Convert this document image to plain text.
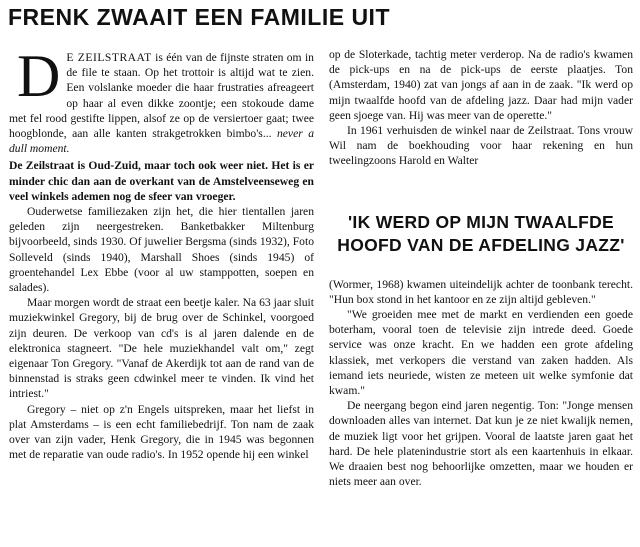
FRENK ZWAAIT EEN FAMILIE UIT

D E ZEILSTRAAT is één van de fijnste straten om in de file te staan. Op het trottoir is altijd wat te zien. Een volslanke moeder die haar frustraties afreageert op haar al even dikke zoontje; een stokoude dame met fel rood gestifte lippen, alsof ze op de versiertoer gaat; twee hoogblonde, aan alle kanten strakgetrokken bimbo's... never a dull moment.

De Zeilstraat is Oud-Zuid, maar toch ook weer niet. Het is er minder chic dan aan de overkant van de Amstelveenseweg en veel winkels ademen nog de sfeer van vroeger.

Ouderwetse familiezaken zijn het, die hier tientallen jaren geleden zijn neergestreken. Banketbakker Miltenburg bijvoorbeeld, sinds 1930. Of juwelier Bergsma (sinds 1932), Foto Solleveld (sinds 1940), Marshall Shoes (sinds 1945) of groentehandel Lex Ebbe (voor al uw stamppotten, soepen en salades).

Maar morgen wordt de straat een beetje kaler. Na 63 jaar sluit muziekwinkel Gregory, bij de brug over de Schinkel, voorgoed zijn deuren. De verkoop van cd's is al jaren dalende en de elektronica stagneert. "De hele muziekhandel valt om," zegt eigenaar Ton Gregory. "Vanaf de Akerdijk tot aan de rand van de binnenstad is straks geen cdwinkel meer te vinden. Ik vind het intriest."

Gregory – niet op z'n Engels uitspreken, maar het liefst in plat Amsterdams – is een echt familiebedrijf. Ton nam de zaak over van zijn vader, Henk Gregory, die in 1945 was begonnen met de reparatie van oude radio's. In 1952 opende hij een winkel

op de Sloterkade, tachtig meter verderop. Na de radio's kwamen de pick-ups en na de pick-ups de eerste plaatjes. Ton (Amsterdam, 1940) zat van jongs af aan in de zaak. "Ik werd op mijn twaalfde hoofd van de afdeling jazz. Daar had mijn vader geen sjoege van. Hij was meer van de operette."

In 1961 verhuisden de winkel naar de Zeilstraat. Tons vrouw Wil nam de boekhouding voor haar rekening en hun tweelingzoons Harold en Walter

'IK WERD OP MIJN TWAALFDE
HOOFD VAN DE AFDELING JAZZ'

(Wormer, 1968) kwamen uiteindelijk achter de toonbank terecht. "Hun box stond in het kantoor en ze zijn altijd gebleven."

"We groeiden mee met de markt en verdienden een goede boterham, vooral toen de televisie zijn intrede deed. Goede service was onze kracht. En we hadden een grote afdeling klassiek, met verkopers die verstand van zaken hadden. Als iemand iets neuriede, wisten ze meteen uit welke symfonie dat kwam."

De neergang begon eind jaren negentig. Ton: "Jonge mensen downloaden alles van internet. Dat kun je ze niet kwalijk nemen, de muziek ligt voor het grijpen. Vooral de laatste jaren gaat het hard. De hele platenindustrie stort als een kaartenhuis in elkaar. We draaien best nog behoorlijke omzetten, maar we houden er niets meer aan over.
